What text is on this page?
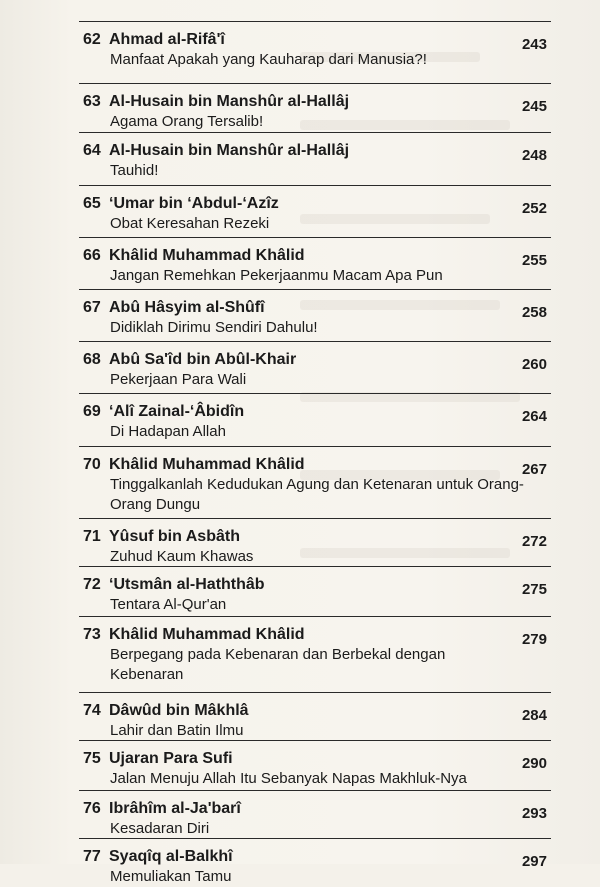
62 Ahmad al-Rifâ'î	243
Manfaat Apakah yang Kauharap dari Manusia?!
63 Al-Husain bin Manshûr al-Hallâj	245
Agama Orang Tersalib!
64 Al-Husain bin Manshûr al-Hallâj	248
Tauhid!
65 ‘Umar bin ‘Abdul-‘Azîz	252
Obat Keresahan Rezeki
66 Khâlid Muhammad Khâlid	255
Jangan Remehkan Pekerjaanmu Macam Apa Pun
67 Abû Hâsyim al-Shûfî	258
Didiklah Dirimu Sendiri Dahulu!
68 Abû Sa'îd bin Abûl-Khair	260
Pekerjaan Para Wali
69 ‘Alî Zainal-‘Âbidîn	264
Di Hadapan Allah
70 Khâlid Muhammad Khâlid	267
Tinggalkanlah Kedudukan Agung dan Ketenaran untuk Orang-Orang Dungu
71 Yûsuf bin Asbâth	272
Zuhud Kaum Khawas
72 ‘Utsmân al-Haththâb	275
Tentara Al-Qur'an
73 Khâlid Muhammad Khâlid	279
Berpegang pada Kebenaran dan Berbekal dengan Kebenaran
74 Dâwûd bin Mâkhlâ	284
Lahir dan Batin Ilmu
75 Ujaran Para Sufi	290
Jalan Menuju Allah Itu Sebanyak Napas Makhluk-Nya
76 Ibrâhîm al-Ja'barî	293
Kesadaran Diri
77 Syaqîq al-Balkhî	297
Memuliakan Tamu
